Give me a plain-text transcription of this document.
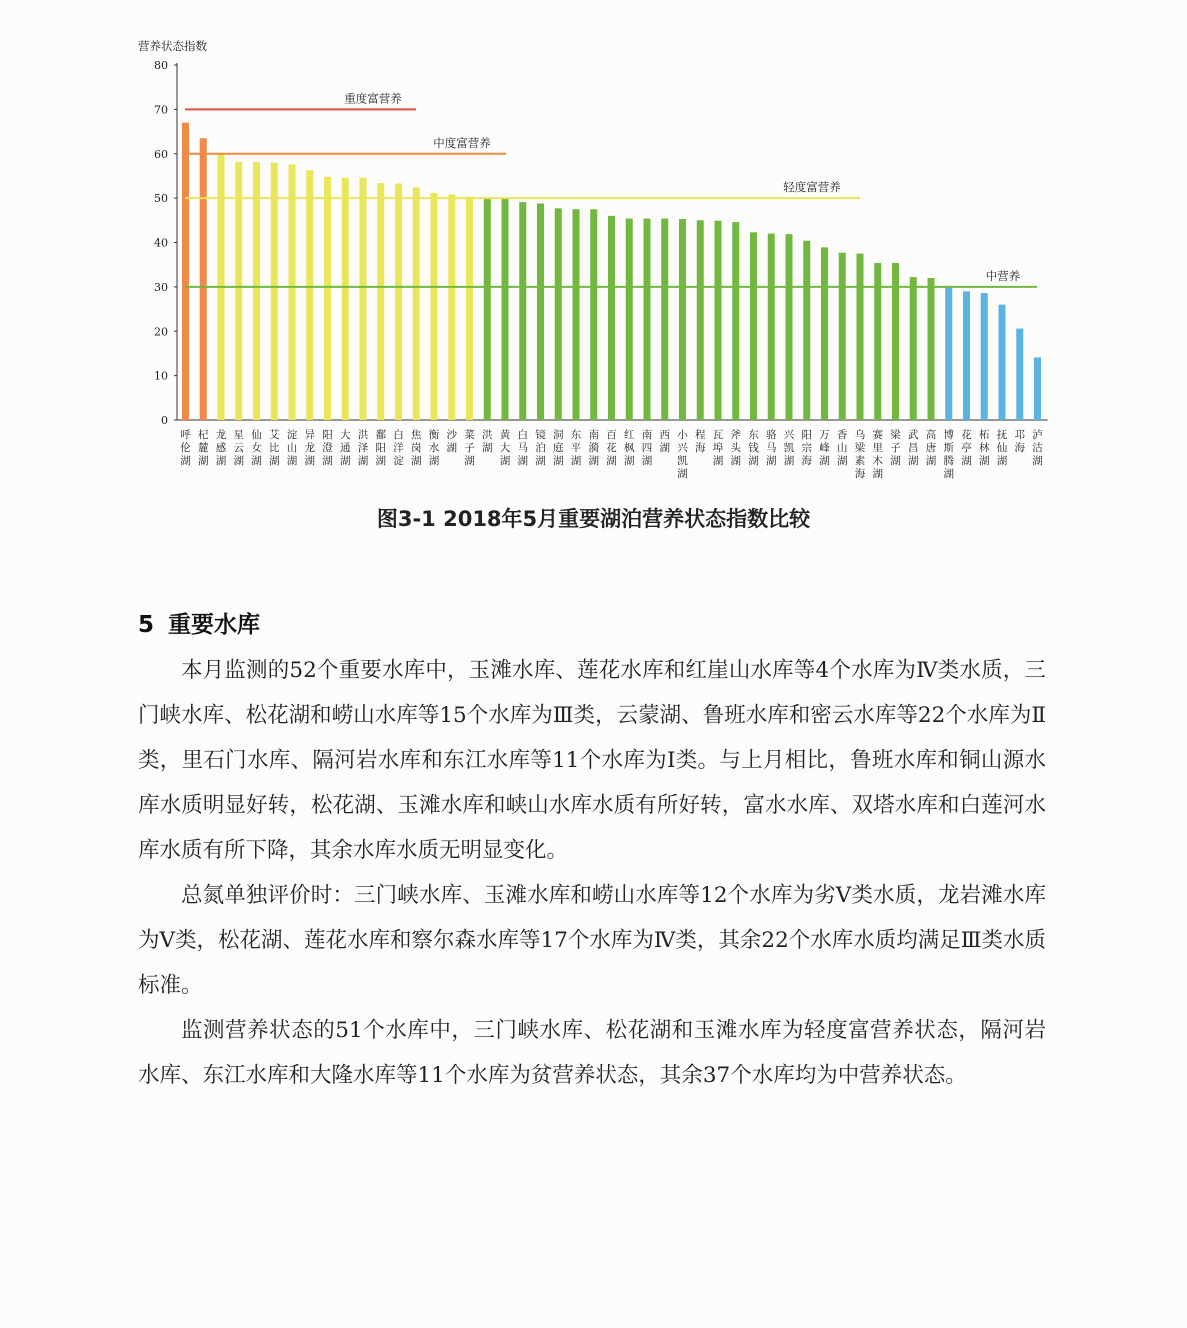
营养状态指数
0
10
20
30
40
50
60
70
80
重度富营养
中度富营养
轻度富营养
中营养
呼伦湖
杞麓湖
龙感湖
星云湖
仙女湖
艾比湖
淀山湖
异龙湖
阳澄湖
大通湖
洪泽湖
鄱阳湖
白洋淀
焦岗湖
衡水湖
沙湖
菜子湖
洪湖
黄大湖
白马湖
镜泊湖
洞庭湖
东平湖
南漪湖
百花湖
红枫湖
南四湖
西湖
小兴凯湖
程海
瓦埠湖
斧头湖
东钱湖
骆马湖
兴凯湖
阳宗海
万峰湖
香山湖
乌梁素海
赛里木湖
梁子湖
武昌湖
高唐湖
博斯腾湖
花亭湖
柘林湖
抚仙湖
邛海
泸沽湖
图3-1 2018年5月重要湖泊营养状态指数比较
5 重要水库

本月监测的52个重要水库中，玉滩水库、莲花水库和红崖山水库等4个水库为Ⅳ类水质，三门峡水库、松花湖和崂山水库等15个水库为Ⅲ类，云蒙湖、鲁班水库和密云水库等22个水库为Ⅱ类，里石门水库、隔河岩水库和东江水库等11个水库为Ⅰ类。与上月相比，鲁班水库和铜山源水库水质明显好转，松花湖、玉滩水库和峡山水库水质有所好转，富水水库、双塔水库和白莲河水库水质有所下降，其余水库水质无明显变化。

总氮单独评价时：三门峡水库、玉滩水库和崂山水库等12个水库为劣Ⅴ类水质，龙岩滩水库为Ⅴ类，松花湖、莲花水库和察尔森水库等17个水库为Ⅳ类，其余22个水库水质均满足Ⅲ类水质标准。

监测营养状态的51个水库中，三门峡水库、松花湖和玉滩水库为轻度富营养状态，隔河岩水库、东江水库和大隆水库等11个水库为贫营养状态，其余37个水库均为中营养状态。
